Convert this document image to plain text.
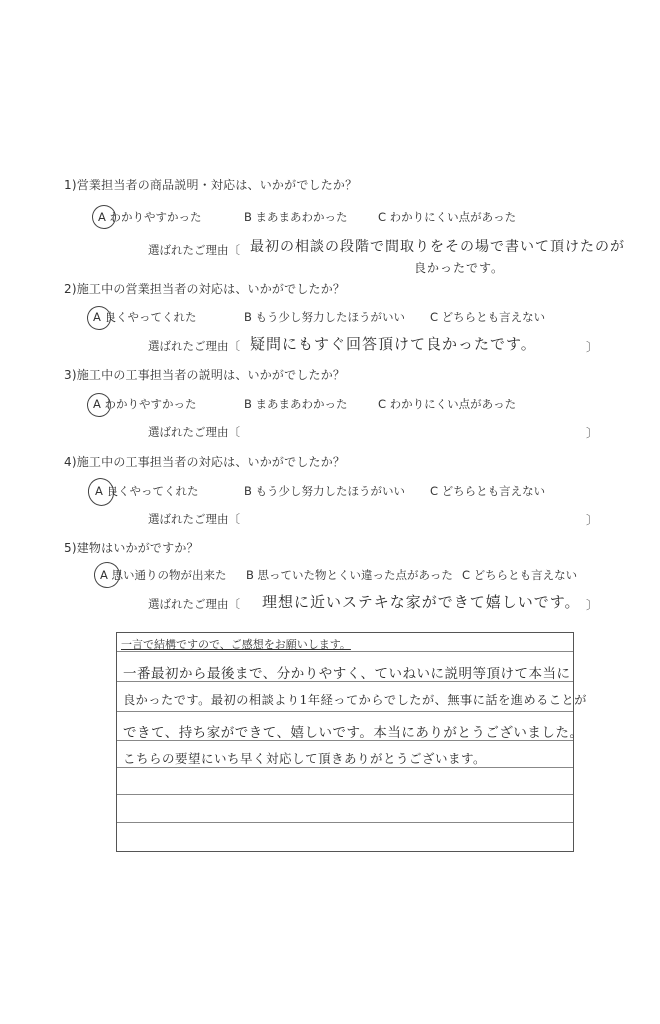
1)営業担当者の商品説明・対応は、いかがでしたか？
A わかりやすかった	B まあまあわかった	C わかりにくい点があった
選ばれたご理由〔 最初の相談の段階で間取りをその場で書いて頂けたのが
良かったです。
2)施工中の営業担当者の対応は、いかがでしたか？
A 良くやってくれた	B もう少し努力したほうがいい C どちらとも言えない
選ばれたご理由〔 疑問にもすぐ回答頂けて良かったです。	〕
3)施工中の工事担当者の説明は、いかがでしたか？
A わかりやすかった	B まあまあわかった	C わかりにくい点があった
選ばれたご理由〔	〕
4)施工中の工事担当者の対応は、いかがでしたか？
A 良くやってくれた	B もう少し努力したほうがいい C どちらとも言えない
選ばれたご理由〔	〕
5)建物はいかがですか？
A 思い通りの物が出来た B 思っていた物とくい違った点があった C どちらとも言えない
選ばれたご理由〔 理想に近いステキな家ができて嬉しいです。 〕
一言で結構ですので、ご感想をお願いします。
一番最初から最後まで、分かりやすく、ていねいに説明等頂けて本当に
良かったです。最初の相談より1年経ってからでしたが、無事に話を進めることが
できて、持ち家ができて、嬉しいです。本当にありがとうございました。
こちらの要望にいち早く対応して頂きありがとうございます。
